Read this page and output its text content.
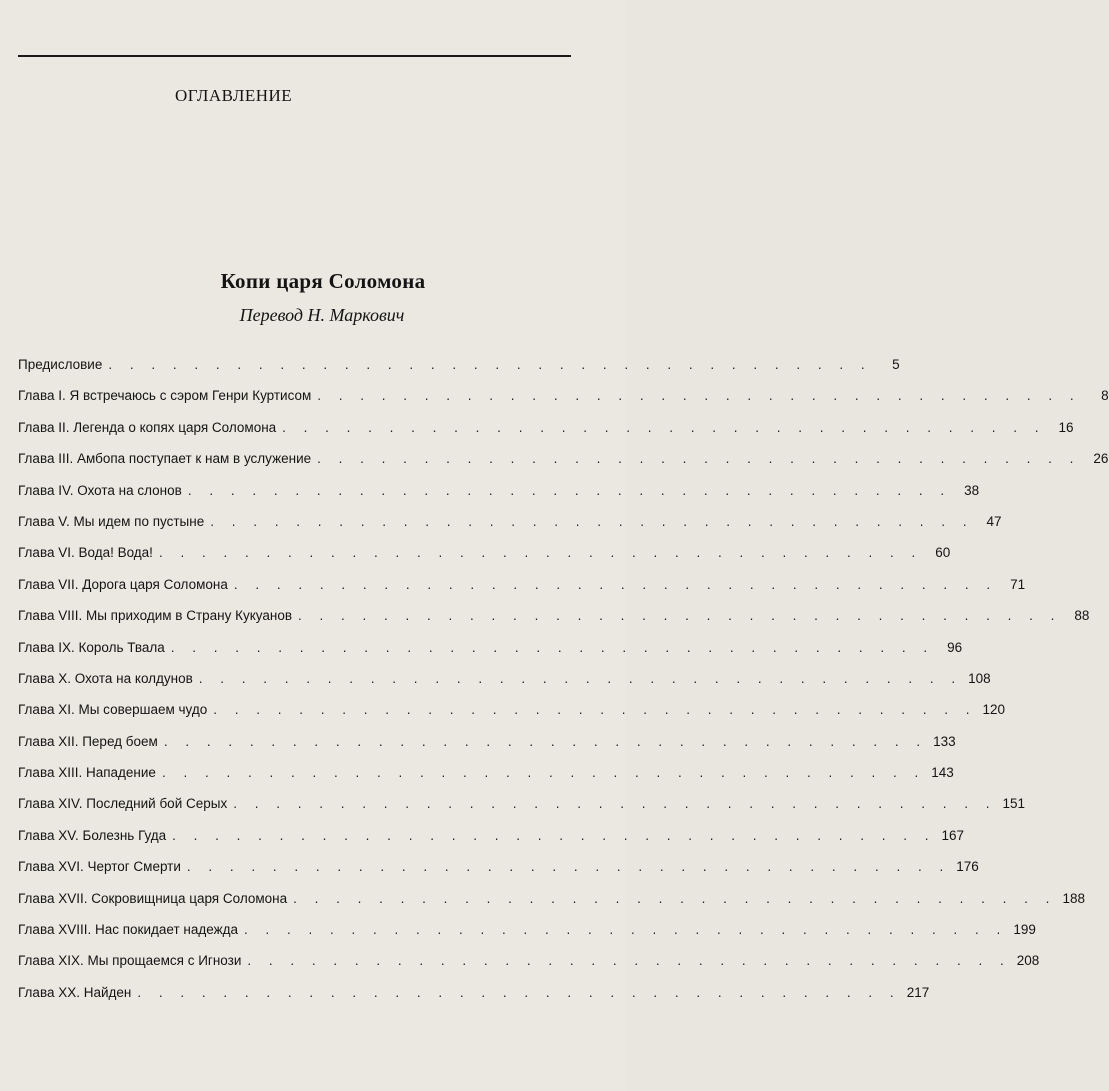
ОГЛАВЛЕНИЕ
Копи царя Соломона
Перевод Н. Маркович
Предисловие . . . . . . . . . . . . . . . . . . . . . . . . . . . . . . . . . . . .	5
Глава I. Я встречаюсь с сэром Генри Куртисом . . . . . . . . . . . . . . . . . . . . . . . . . . . . . . . . . . . .	8
Глава II. Легенда о копях царя Соломона . . . . . . . . . . . . . . . . . . . . . . . . . . . . . . . . . . . . 16
Глава III. Амбопа поступает к нам в услужение . . . . . . . . . . . . . . . . . . . . . . . . . . . . . . . . . . . . 26
Глава IV. Охота на слонов . . . . . . . . . . . . . . . . . . . . . . . . . . . . . . . . . . . . 38
Глава V. Мы идем по пустыне . . . . . . . . . . . . . . . . . . . . . . . . . . . . . . . . . . . . 47
Глава VI. Вода! Вода! . . . . . . . . . . . . . . . . . . . . . . . . . . . . . . . . . . . . 60
Глава VII. Дорога царя Соломона . . . . . . . . . . . . . . . . . . . . . . . . . . . . . . . . . . . . 71
Глава VIII. Мы приходим в Страну Кукуанов . . . . . . . . . . . . . . . . . . . . . . . . . . . . . . . . . . . . 88
Глава IX. Король Твала . . . . . . . . . . . . . . . . . . . . . . . . . . . . . . . . . . . . 96
Глава X. Охота на колдунов . . . . . . . . . . . . . . . . . . . . . . . . . . . . . . . . . . . . 108
Глава XI. Мы совершаем чудо . . . . . . . . . . . . . . . . . . . . . . . . . . . . . . . . . . . . 120
Глава XII. Перед боем . . . . . . . . . . . . . . . . . . . . . . . . . . . . . . . . . . . . 133
Глава XIII. Нападение . . . . . . . . . . . . . . . . . . . . . . . . . . . . . . . . . . . . 143
Глава XIV. Последний бой Серых . . . . . . . . . . . . . . . . . . . . . . . . . . . . . . . . . . . . 151
Глава XV. Болезнь Гуда . . . . . . . . . . . . . . . . . . . . . . . . . . . . . . . . . . . . 167
Глава XVI. Чертог Смерти . . . . . . . . . . . . . . . . . . . . . . . . . . . . . . . . . . . . 176
Глава XVII. Сокровищница царя Соломона . . . . . . . . . . . . . . . . . . . . . . . . . . . . . . . . . . . . 188
Глава XVIII. Нас покидает надежда . . . . . . . . . . . . . . . . . . . . . . . . . . . . . . . . . . . . 199
Глава XIX. Мы прощаемся с Игнози . . . . . . . . . . . . . . . . . . . . . . . . . . . . . . . . . . . . 208
Глава XX. Найден . . . . . . . . . . . . . . . . . . . . . . . . . . . . . . . . . . . . 217
